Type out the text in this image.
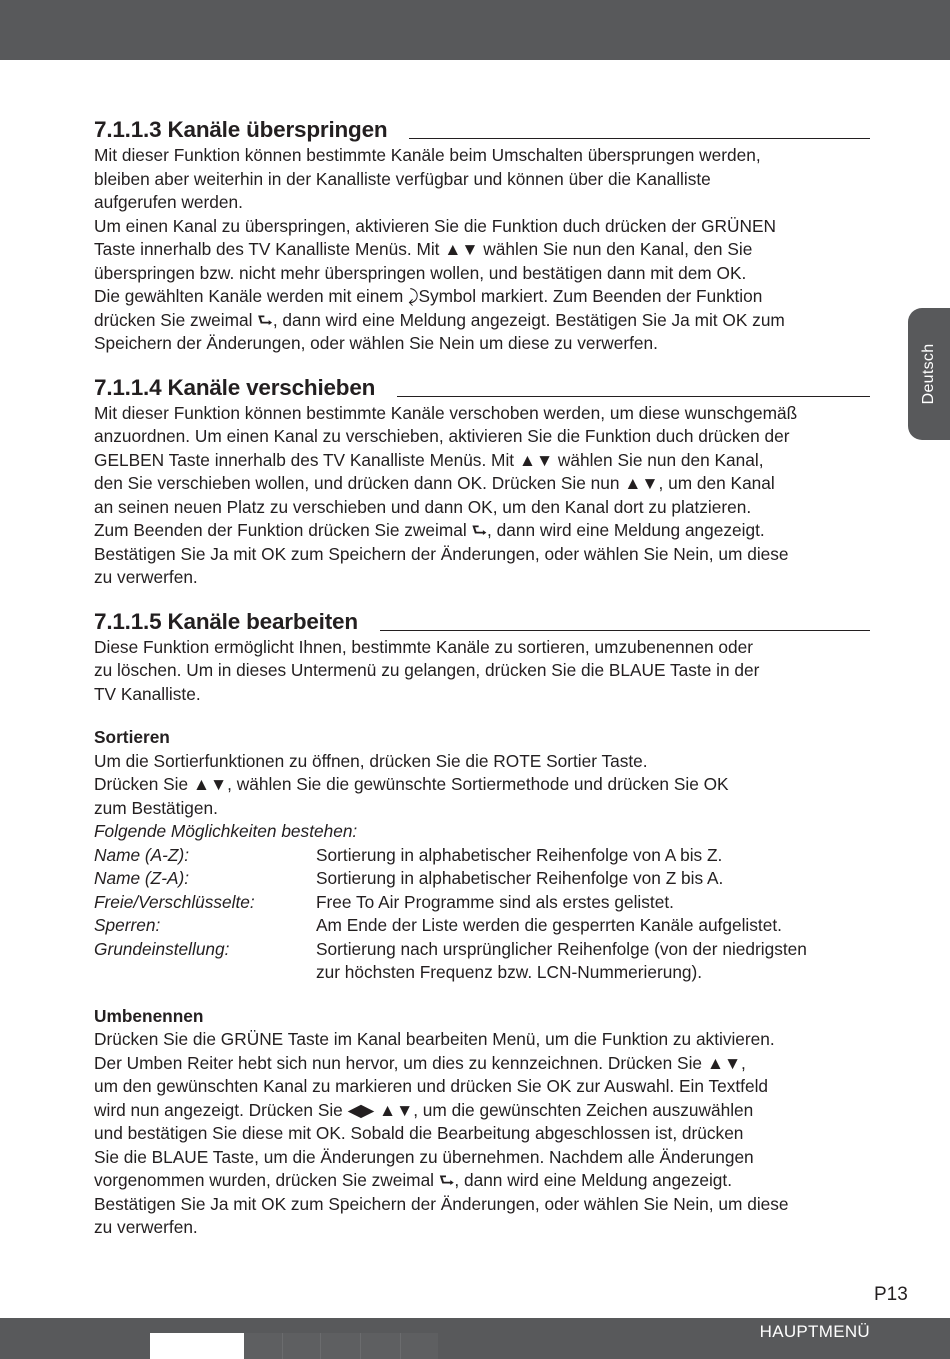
Deutsch
7.1.1.3 Kanäle überspringen

Mit dieser Funktion können bestimmte Kanäle beim Umschalten übersprungen werden,

bleiben aber weiterhin in der Kanalliste verfügbar und können über die Kanalliste

aufgerufen werden.

Um einen Kanal zu überspringen, aktivieren Sie die Funktion duch drücken der GRÜNEN

Taste innerhalb des TV Kanalliste Menüs. Mit ▲▼ wählen Sie nun den Kanal, den Sie

überspringen bzw. nicht mehr überspringen wollen, und bestätigen dann mit dem OK.

Die gewählten Kanäle werden mit einem ⤸Symbol markiert. Zum Beenden der Funktion

drücken Sie zweimal ⮑, dann wird eine Meldung angezeigt. Bestätigen Sie Ja mit OK zum

Speichern der Änderungen, oder wählen Sie Nein um diese zu verwerfen.

7.1.1.4 Kanäle verschieben

Mit dieser Funktion können bestimmte Kanäle verschoben werden, um diese wunschgemäß

anzuordnen. Um einen Kanal zu verschieben, aktivieren Sie die Funktion duch drücken der

GELBEN Taste innerhalb des TV Kanalliste Menüs. Mit ▲▼ wählen Sie nun den Kanal,

den Sie verschieben wollen, und drücken dann OK. Drücken Sie nun ▲▼, um den Kanal

an seinen neuen Platz zu verschieben und dann OK, um den Kanal dort zu platzieren.

Zum Beenden der Funktion drücken Sie zweimal ⮑, dann wird eine Meldung angezeigt.

Bestätigen Sie Ja mit OK zum Speichern der Änderungen, oder wählen Sie Nein, um diese

zu verwerfen.

7.1.1.5 Kanäle bearbeiten

Diese Funktion ermöglicht Ihnen, bestimmte Kanäle zu sortieren, umzubenennen oder

zu löschen. Um in dieses Untermenü zu gelangen, drücken Sie die BLAUE Taste in der

TV Kanalliste.

Sortieren

Um die Sortierfunktionen zu öffnen, drücken Sie die ROTE Sortier Taste.

Drücken Sie ▲▼, wählen Sie die gewünschte Sortiermethode und drücken Sie OK

zum Bestätigen.

Folgende Möglichkeiten bestehen:

Name (A-Z):	Sortierung in alphabetischer Reihenfolge von A bis Z.
Name (Z-A):	Sortierung in alphabetischer Reihenfolge von Z bis A.
Freie/Verschlüsselte:	Free To Air Programme sind als erstes gelistet.
Sperren:	Am Ende der Liste werden die gesperrten Kanäle aufgelistet.
Grundeinstellung:	Sortierung nach ursprünglicher Reihenfolge (von der niedrigsten
zur höchsten Frequenz bzw. LCN-Nummerierung).
Umbenennen

Drücken Sie die GRÜNE Taste im Kanal bearbeiten Menü, um die Funktion zu aktivieren.

Der Umben Reiter hebt sich nun hervor, um dies zu kennzeichnen. Drücken Sie ▲▼,

um den gewünschten Kanal zu markieren und drücken Sie OK zur Auswahl. Ein Textfeld

wird nun angezeigt. Drücken Sie ◀▶ ▲▼, um die gewünschten Zeichen auszuwählen

und bestätigen Sie diese mit OK. Sobald die Bearbeitung abgeschlossen ist, drücken

Sie die BLAUE Taste, um die Änderungen zu übernehmen. Nachdem alle Änderungen

vorgenommen wurden, drücken Sie zweimal ⮑, dann wird eine Meldung angezeigt.

Bestätigen Sie Ja mit OK zum Speichern der Änderungen, oder wählen Sie Nein, um diese

zu verwerfen.

P13
HAUPTMENÜ
